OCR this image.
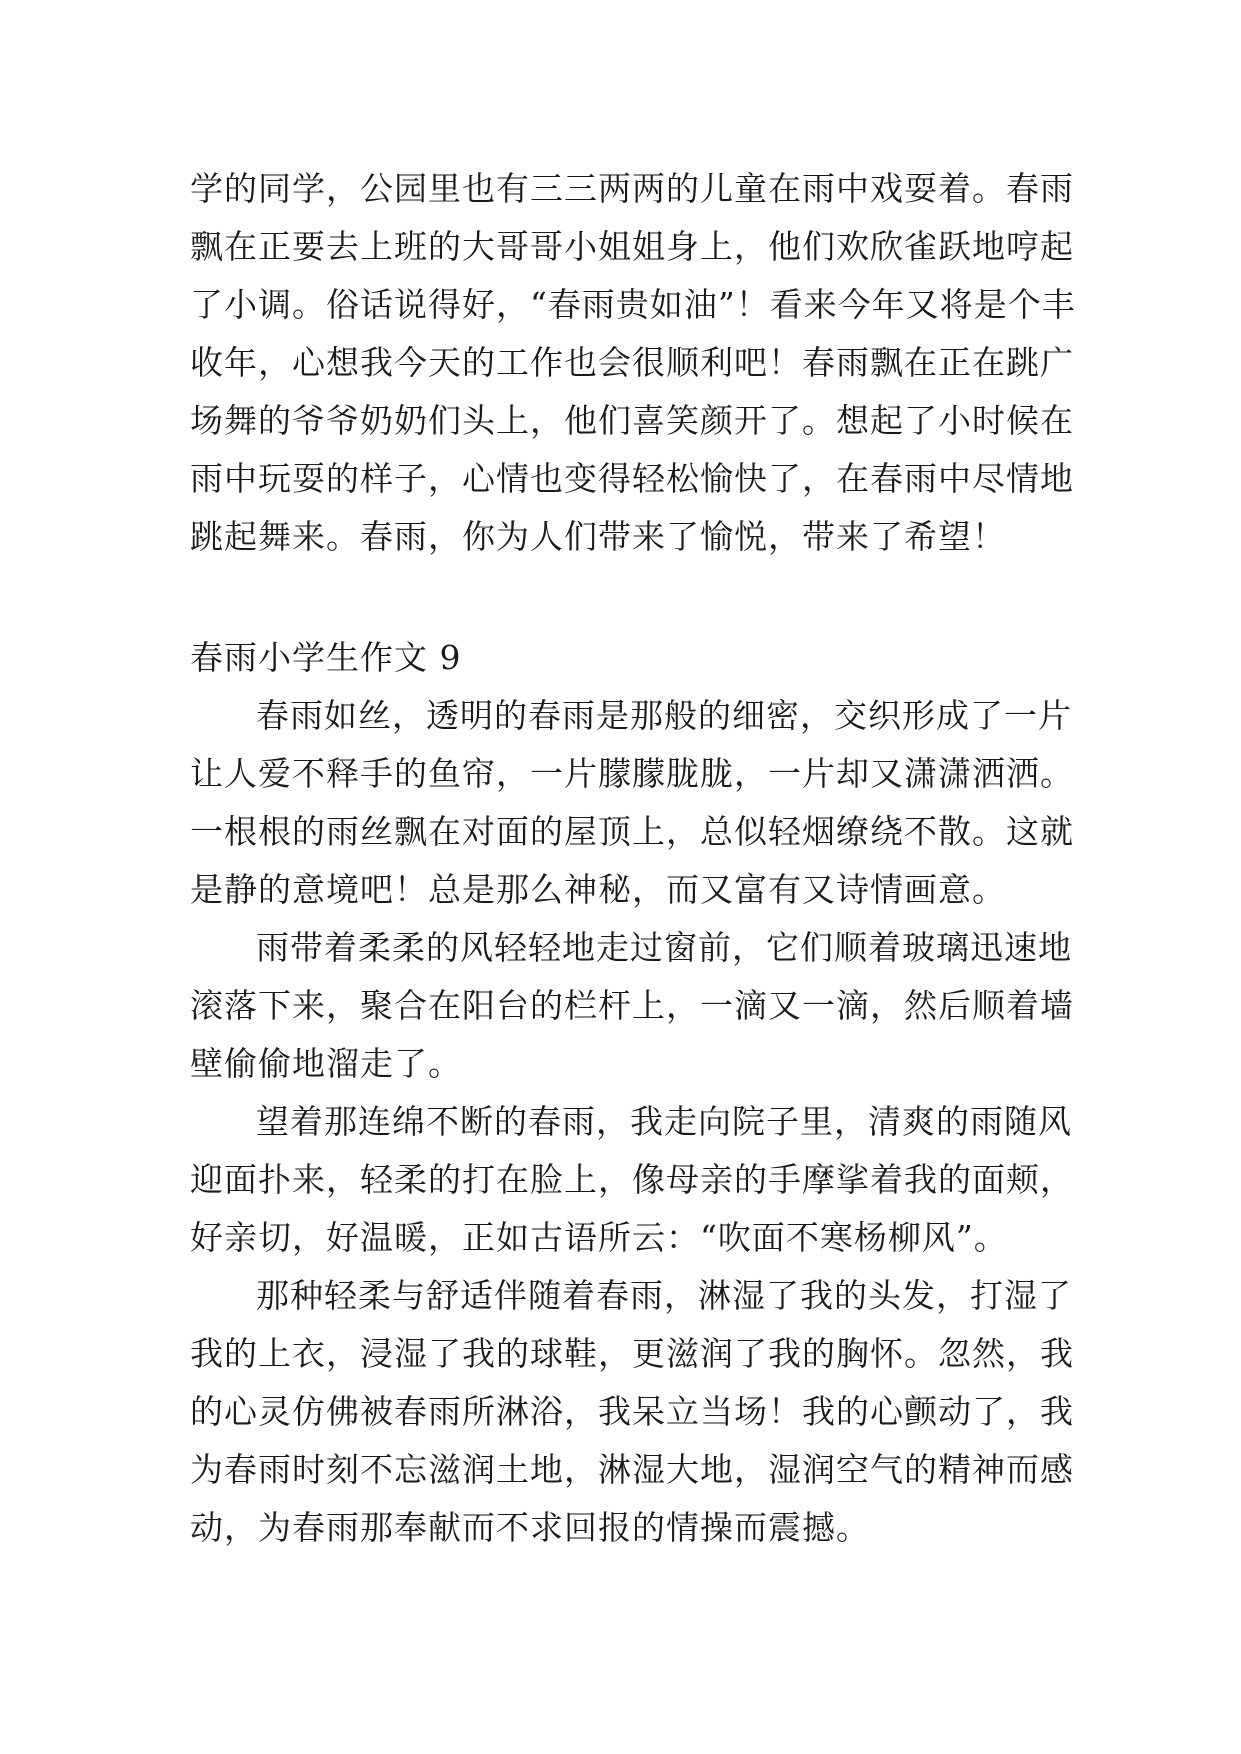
学的同学，公园里也有三三两两的儿童在雨中戏耍着。春雨
飘在正要去上班的大哥哥小姐姐身上，他们欢欣雀跃地哼起
了小调。俗话说得好，“春雨贵如油”！看来今年又将是个丰
收年，心想我今天的工作也会很顺利吧！春雨飘在正在跳广
场舞的爷爷奶奶们头上，他们喜笑颜开了。想起了小时候在
雨中玩耍的样子，心情也变得轻松愉快了，在春雨中尽情地
跳起舞来。春雨，你为人们带来了愉悦，带来了希望！
春雨小学生作文 9
春雨如丝，透明的春雨是那般的细密，交织形成了一片
让人爱不释手的鱼帘，一片朦朦胧胧，一片却又潇潇洒洒。
一根根的雨丝飘在对面的屋顶上，总似轻烟缭绕不散。这就
是静的意境吧！总是那么神秘，而又富有又诗情画意。
雨带着柔柔的风轻轻地走过窗前，它们顺着玻璃迅速地
滚落下来，聚合在阳台的栏杆上，一滴又一滴，然后顺着墙
壁偷偷地溜走了。
望着那连绵不断的春雨，我走向院子里，清爽的雨随风
迎面扑来，轻柔的打在脸上，像母亲的手摩挲着我的面颊，
好亲切，好温暖，正如古语所云：“吹面不寒杨柳风”。
那种轻柔与舒适伴随着春雨，淋湿了我的头发，打湿了
我的上衣，浸湿了我的球鞋，更滋润了我的胸怀。忽然，我
的心灵仿佛被春雨所淋浴，我呆立当场！我的心颤动了，我
为春雨时刻不忘滋润土地，淋湿大地，湿润空气的精神而感
动，为春雨那奉献而不求回报的情操而震撼。
